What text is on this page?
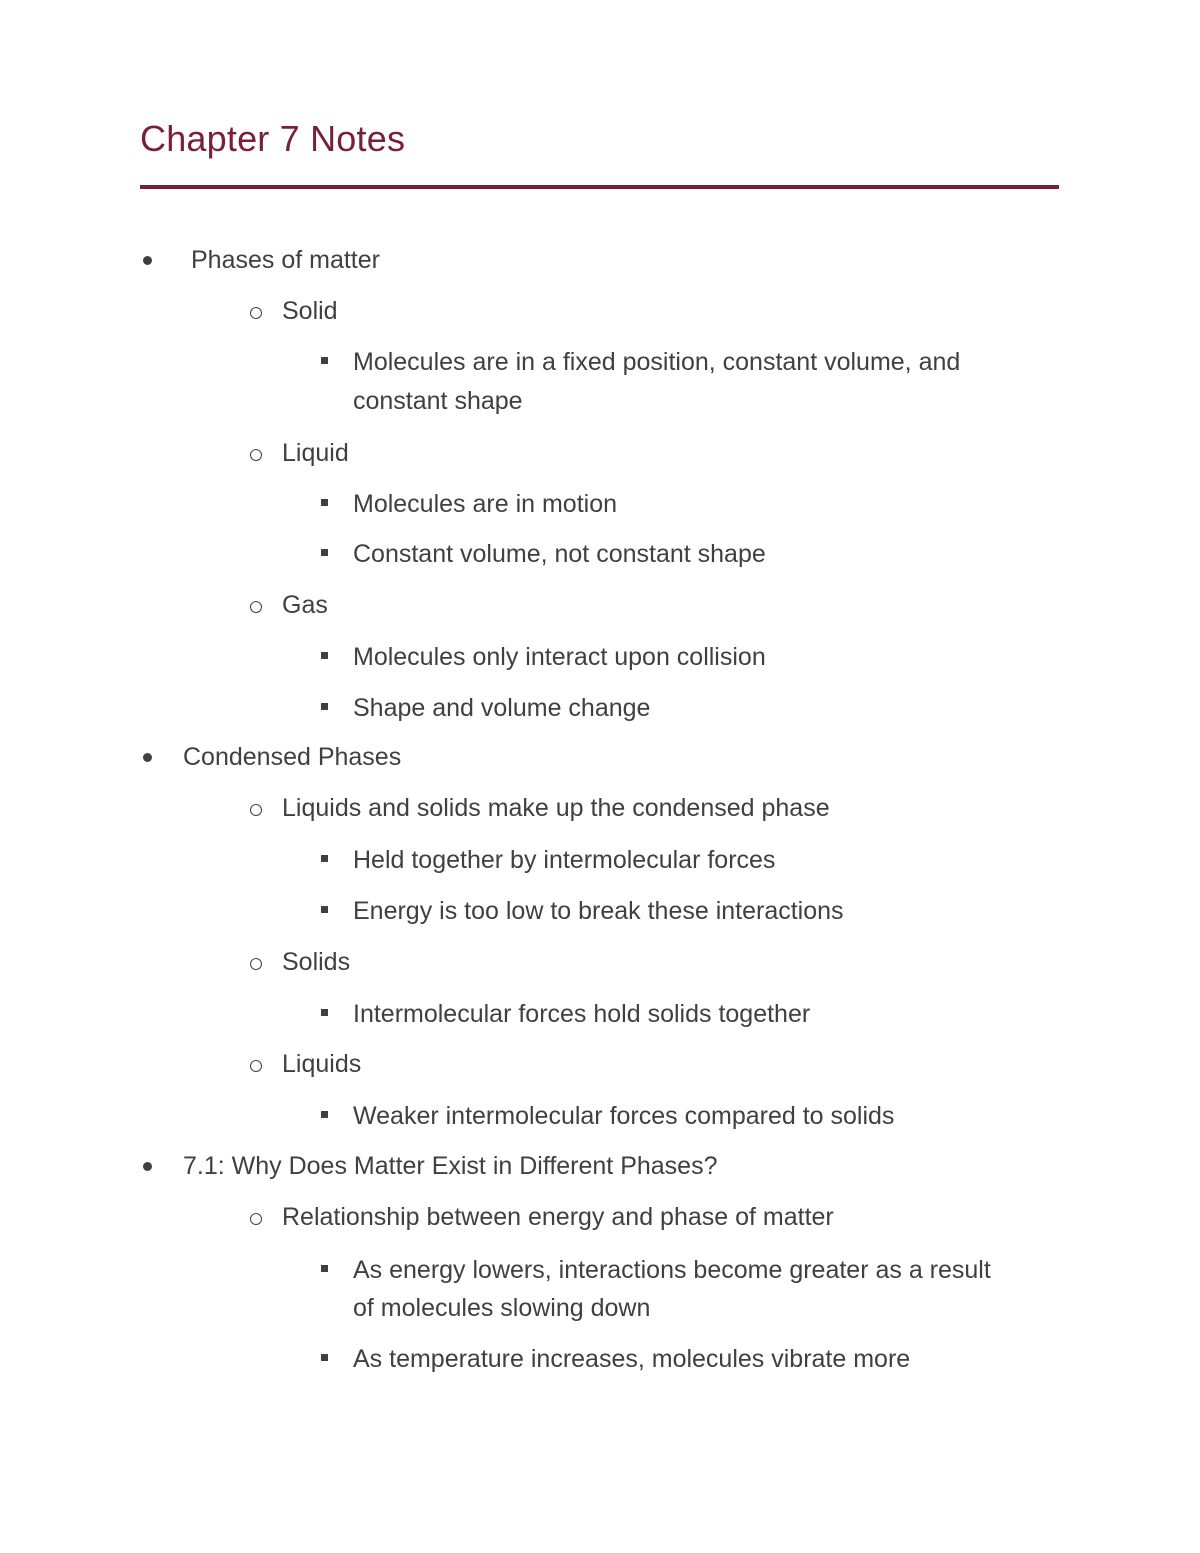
Chapter 7 Notes
Phases of matter
Solid
Molecules are in a fixed position, constant volume, and
constant shape
Liquid
Molecules are in motion
Constant volume, not constant shape
Gas
Molecules only interact upon collision
Shape and volume change
Condensed Phases
Liquids and solids make up the condensed phase
Held together by intermolecular forces
Energy is too low to break these interactions
Solids
Intermolecular forces hold solids together
Liquids
Weaker intermolecular forces compared to solids
7.1: Why Does Matter Exist in Different Phases?
Relationship between energy and phase of matter
As energy lowers, interactions become greater as a result
of molecules slowing down
As temperature increases, molecules vibrate more
